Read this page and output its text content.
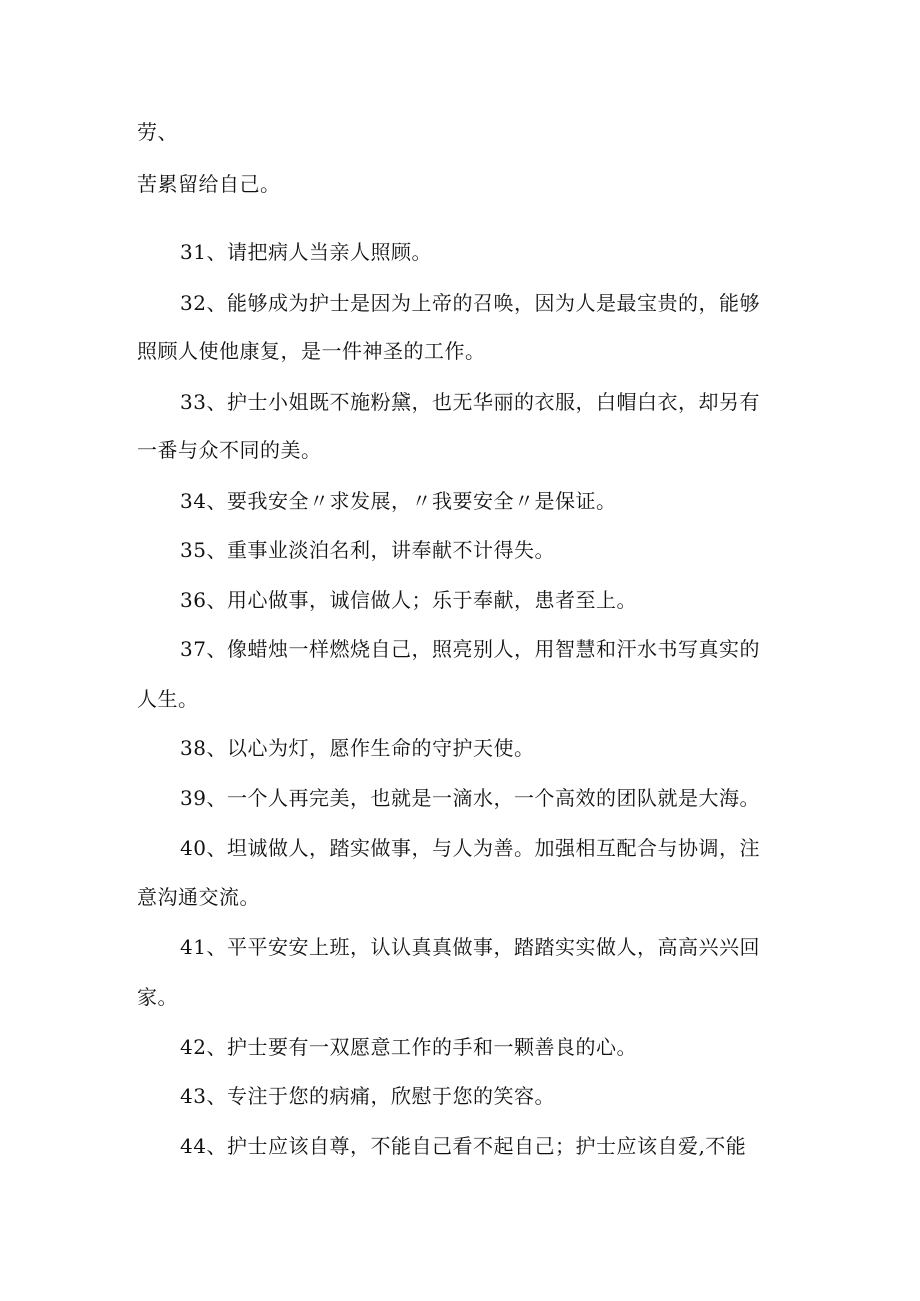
劳、
苦累留给自己。
31、请把病人当亲人照顾。
32、能够成为护士是因为上帝的召唤，因为人是最宝贵的，能够
照顾人使他康复，是一件神圣的工作。
33、护士小姐既不施粉黛，也无华丽的衣服，白帽白衣，却另有
一番与众不同的美。
34、要我安全〃求发展，〃我要安全〃是保证。
35、重事业淡泊名利，讲奉献不计得失。
36、用心做事，诚信做人；乐于奉献，患者至上。
37、像蜡烛一样燃烧自己，照亮别人，用智慧和汗水书写真实的
人生。
38、以心为灯，愿作生命的守护天使。
39、一个人再完美，也就是一滴水，一个高效的团队就是大海。
40、坦诚做人，踏实做事，与人为善。加强相互配合与协调，注
意沟通交流。
41、平平安安上班，认认真真做事，踏踏实实做人，高高兴兴回
家。
42、护士要有一双愿意工作的手和一颗善良的心。
43、专注于您的病痛，欣慰于您的笑容。
44、护士应该自尊，不能自己看不起自己；护士应该自爱,不能
